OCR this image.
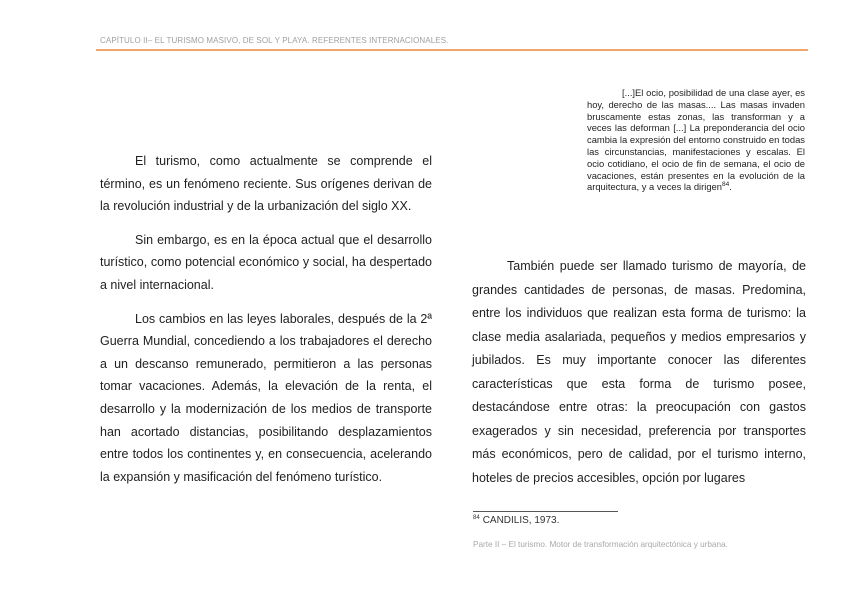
CAPÍTULO II– EL TURISMO MASIVO, DE SOL Y PLAYA. REFERENTES INTERNACIONALES.

El turismo, como actualmente se comprende el término, es un fenómeno reciente. Sus orígenes derivan de la revolución industrial y de la urbanización del siglo XX.

Sin embargo, es en la época actual que el desarrollo turístico, como potencial económico y social, ha despertado a nivel internacional.

Los cambios en las leyes laborales, después de la 2ª Guerra Mundial, concediendo a los trabajadores el derecho a un descanso remunerado, permitieron a las personas tomar vacaciones. Además, la elevación de la renta, el desarrollo y la modernización de los medios de transporte han acortado distancias, posibilitando desplazamientos entre todos los continentes y, en consecuencia, acelerando la expansión y masificación del fenómeno turístico.

[...]El ocio, posibilidad de una clase ayer, es hoy, derecho de las masas.... Las masas invaden bruscamente estas zonas, las transforman y a veces las deforman [...] La preponderancia del ocio cambia la expresión del entorno construido en todas las circunstancias, manifestaciones y escalas. El ocio cotidiano, el ocio de fin de semana, el ocio de vacaciones, están presentes en la evolución de la arquitectura, y a veces la dirigen$^{84}$.

También puede ser llamado turismo de mayoría, de grandes cantidades de personas, de masas. Predomina, entre los individuos que realizan esta forma de turismo: la clase media asalariada, pequeños y medios empresarios y jubilados. Es muy importante conocer las diferentes características que esta forma de turismo posee, destacándose entre otras: la preocupación con gastos exagerados y sin necesidad, preferencia por transportes más económicos, pero de calidad, por el turismo interno, hoteles de precios accesibles, opción por lugares

$^{84}$ CANDILIS, 1973.
Parte II – El turismo. Motor de transformación arquitectónica y urbana.
